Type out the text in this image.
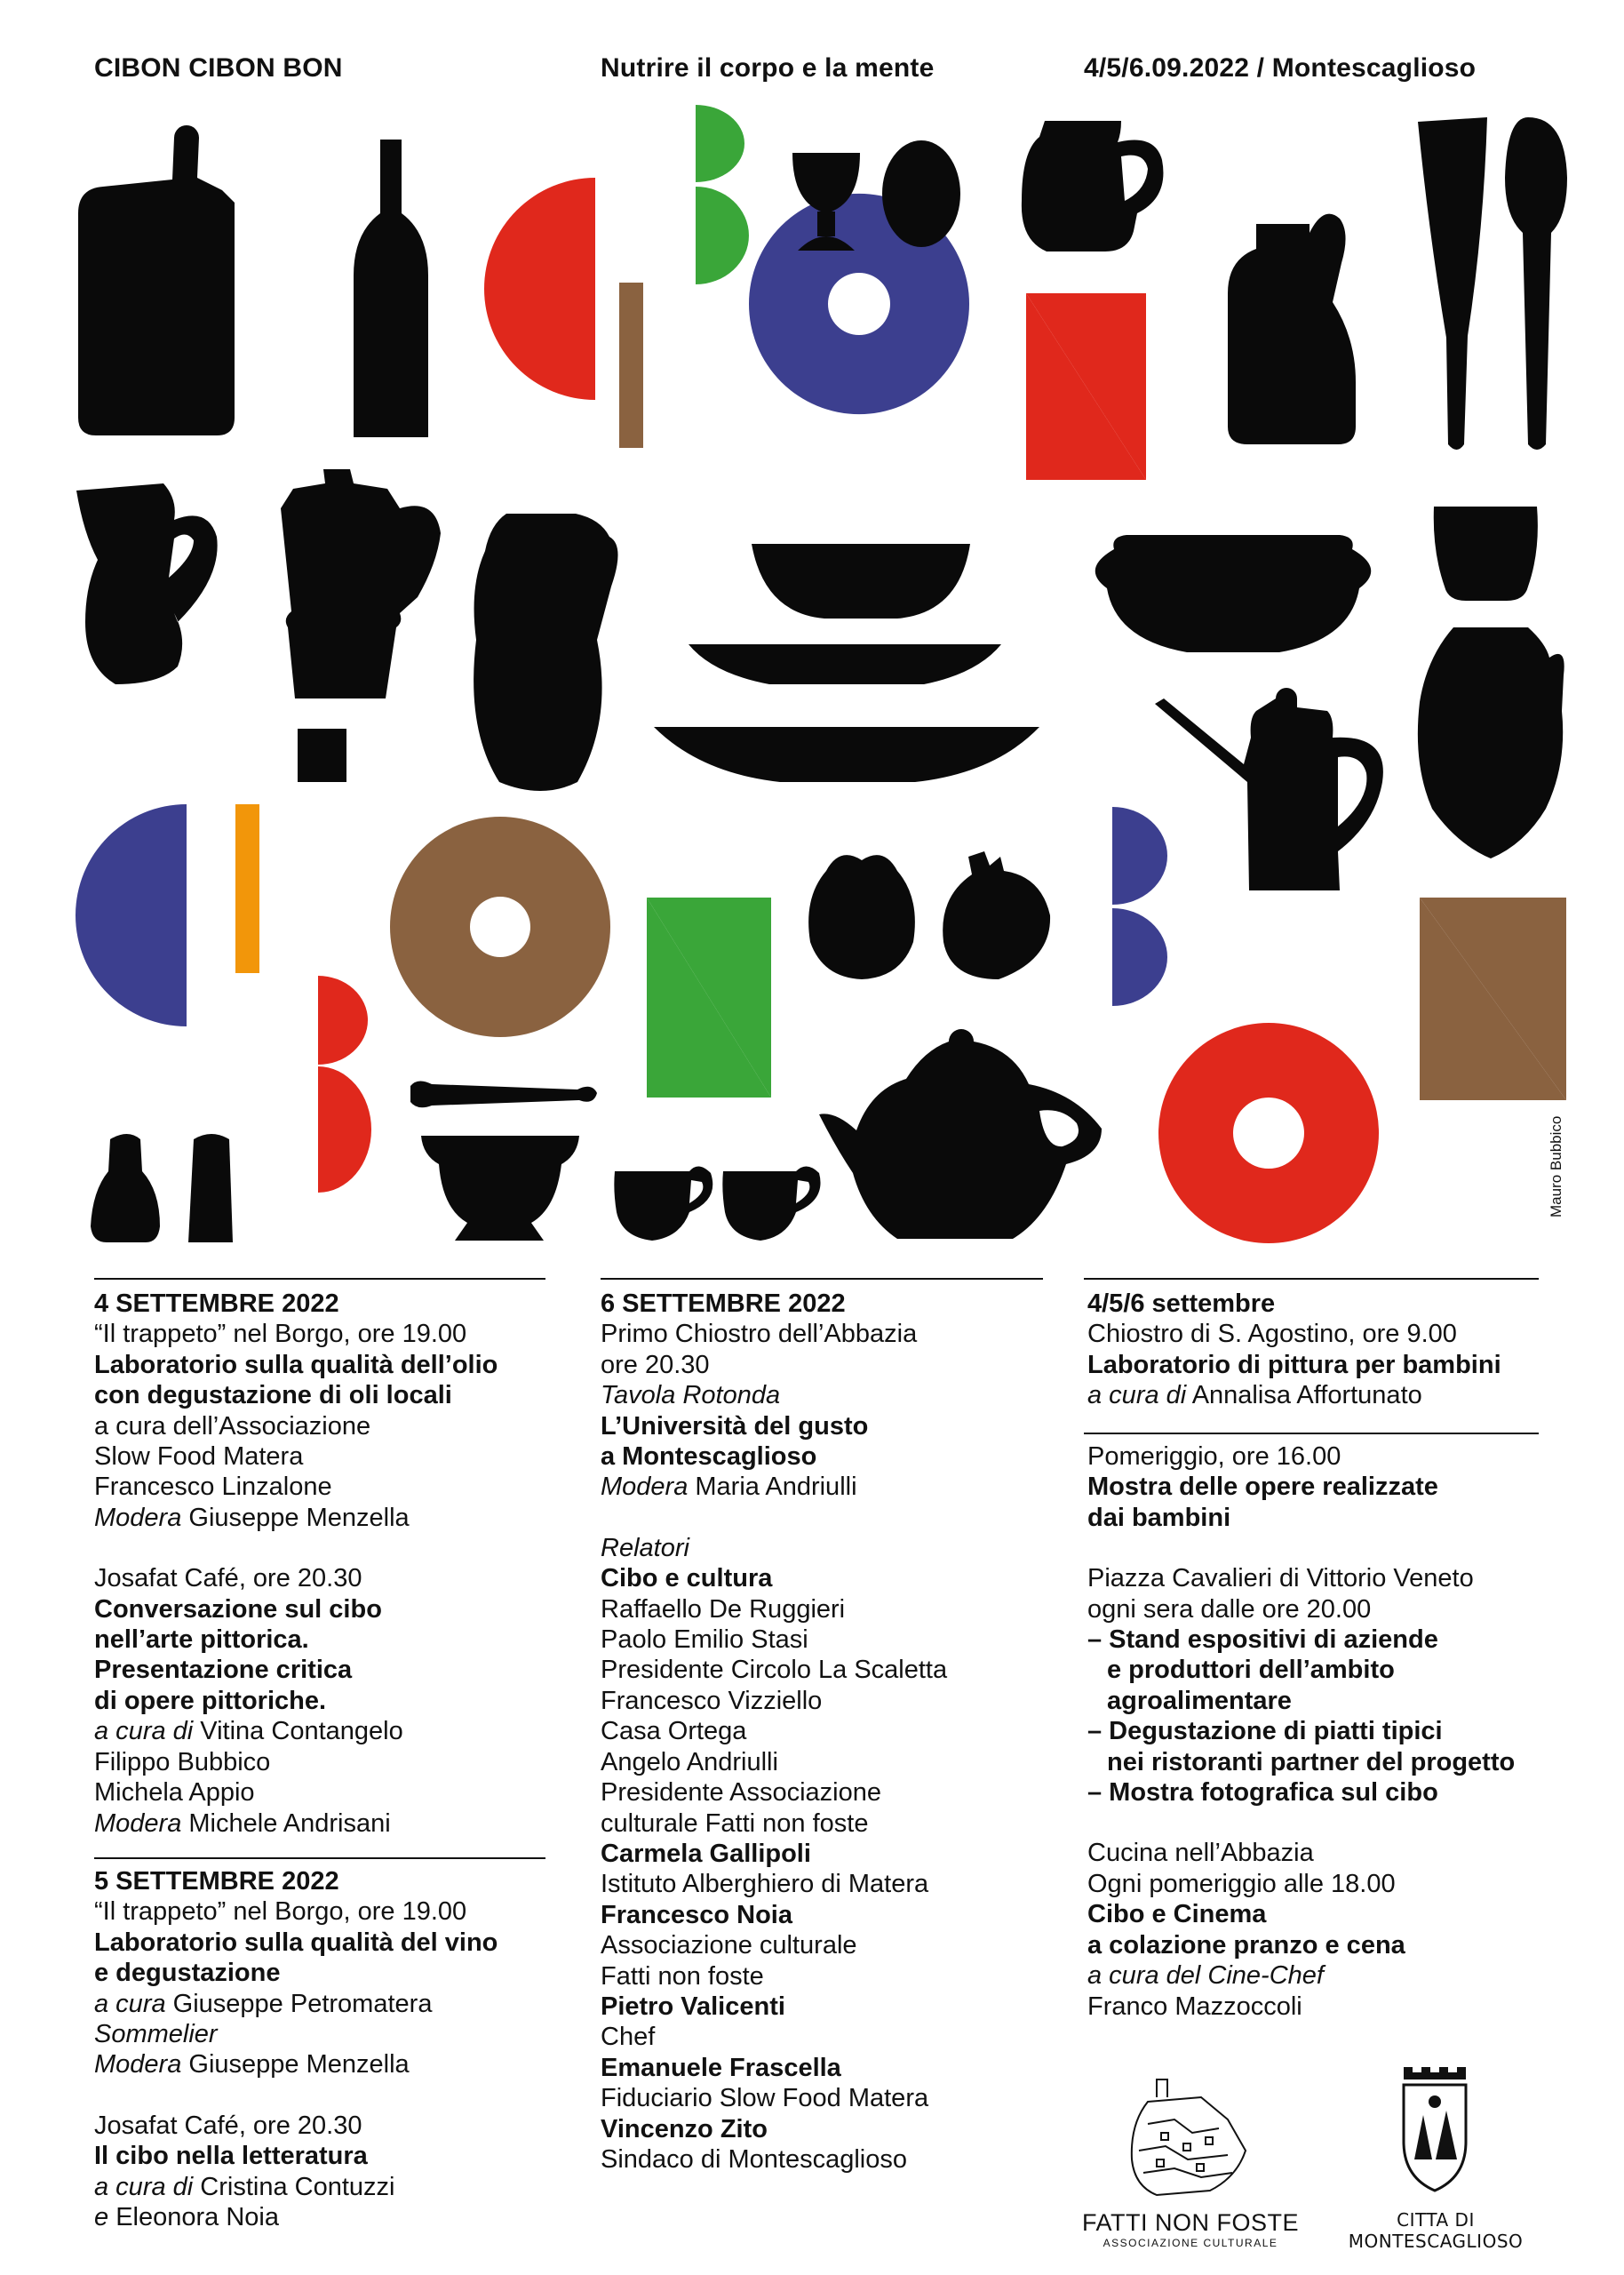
CIBON CIBON BON	Nutrire il corpo e la mente	4/5/6.09.2022 / Montescaglioso
Mauro Bubbico
4 SETTEMBRE 2022
“Il trappeto” nel Borgo, ore 19.00
Laboratorio sulla qualità dell’olio
con degustazione di oli locali
a cura dell’Associazione
Slow Food Matera
Francesco Linzalone
Modera Giuseppe Menzella
Josafat Café, ore 20.30
Conversazione sul cibo
nell’arte pittorica.
Presentazione critica
di opere pittoriche.
a cura di Vitina Contangelo
Filippo Bubbico
Michela Appio
Modera Michele Andrisani
5 SETTEMBRE 2022
“Il trappeto” nel Borgo, ore 19.00
Laboratorio sulla qualità del vino
e degustazione
a cura Giuseppe Petromatera
Sommelier
Modera Giuseppe Menzella
Josafat Café, ore 20.30
Il cibo nella letteratura
a cura di Cristina Contuzzi
e Eleonora Noia
6 SETTEMBRE 2022
Primo Chiostro dell’Abbazia
ore 20.30
Tavola Rotonda
L’Università del gusto
a Montescaglioso
Modera Maria Andriulli
Relatori
Cibo e cultura
Raffaello De Ruggieri
Paolo Emilio Stasi
Presidente Circolo La Scaletta
Francesco Vizziello
Casa Ortega
Angelo Andriulli
Presidente Associazione
culturale Fatti non foste
Carmela Gallipoli
Istituto Alberghiero di Matera
Francesco Noia
Associazione culturale
Fatti non foste
Pietro Valicenti
Chef
Emanuele Frascella
Fiduciario Slow Food Matera
Vincenzo Zito
Sindaco di Montescaglioso
4/5/6 settembre
Chiostro di S. Agostino, ore 9.00
Laboratorio di pittura per bambini
a cura di Annalisa Affortunato
Pomeriggio, ore 16.00
Mostra delle opere realizzate
dai bambini
Piazza Cavalieri di Vittorio Veneto
ogni sera dalle ore 20.00
– Stand espositivi di aziende
e produttori dell’ambito
agroalimentare
– Degustazione di piatti tipici
nei ristoranti partner del progetto
– Mostra fotografica sul cibo
Cucina nell’Abbazia
Ogni pomeriggio alle 18.00
Cibo e Cinema
a colazione pranzo e cena
a cura del Cine-Chef
Franco Mazzoccoli
FATTI NON FOSTE
ASSOCIAZIONE CULTURALE
CITTA DI MONTESCAGLIOSO
